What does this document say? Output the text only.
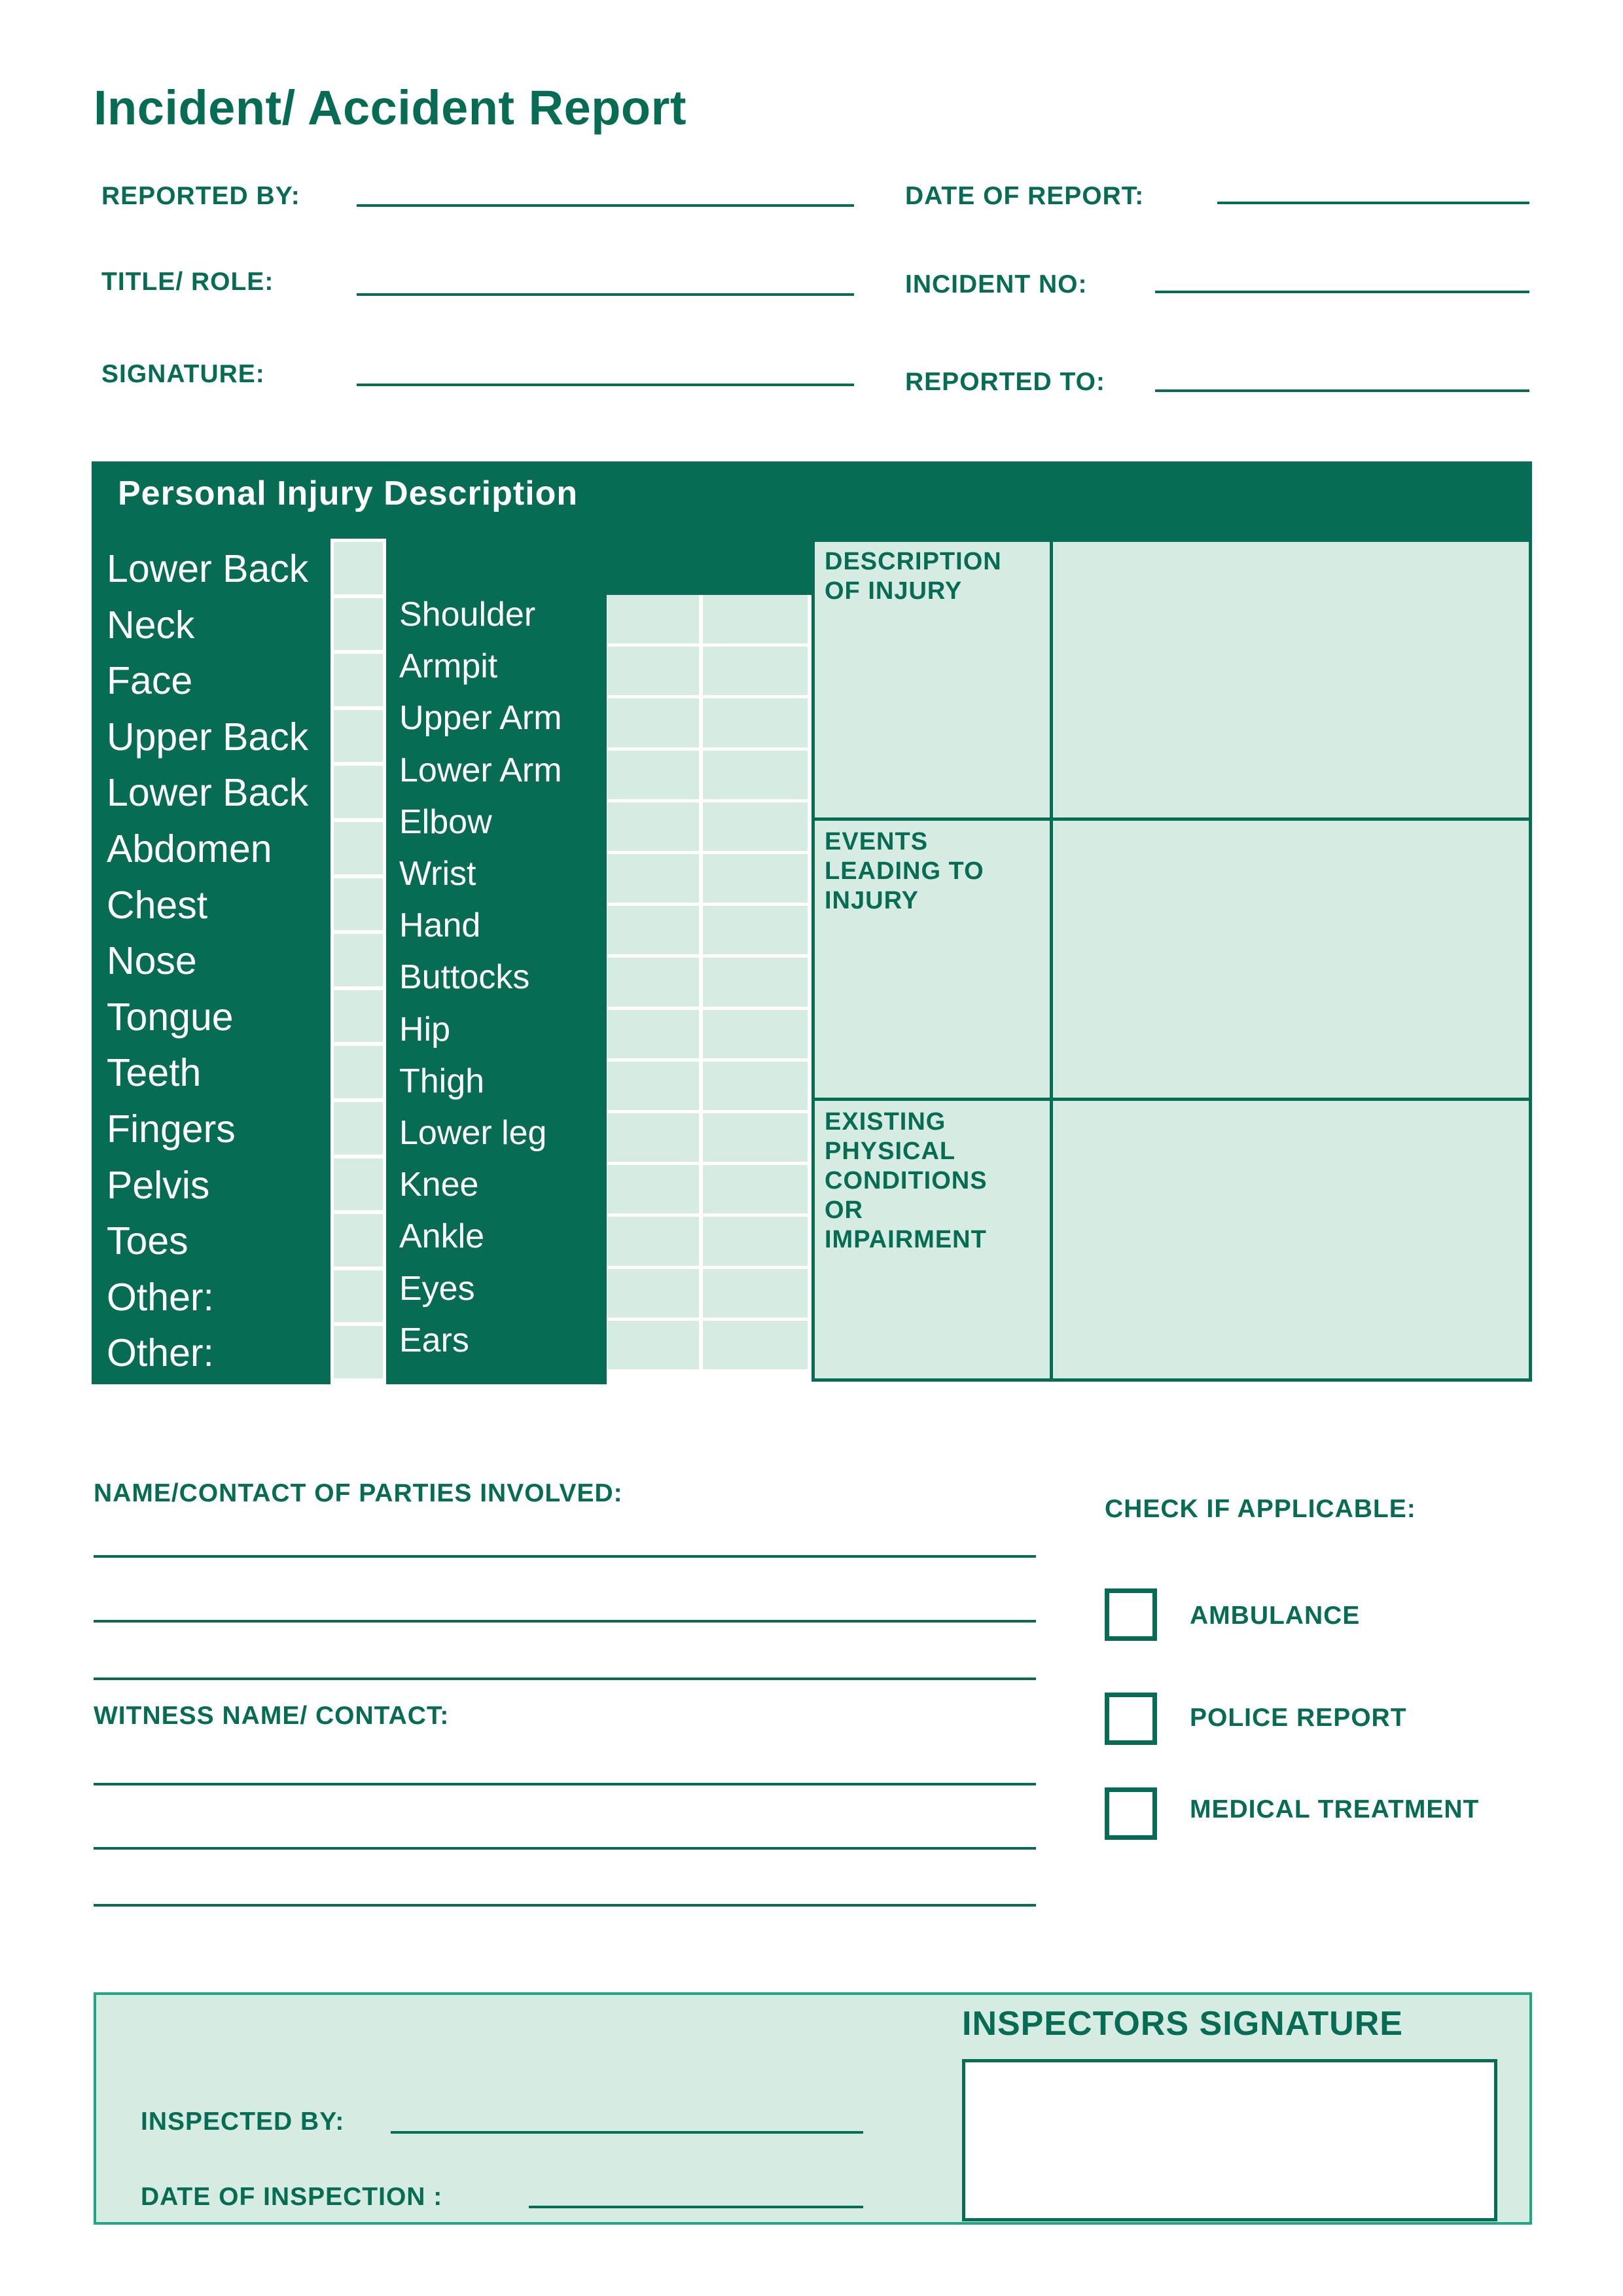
Incident/ Accident Report
REPORTED BY:
TITLE/ ROLE:
SIGNATURE:
DATE OF REPORT:
INCIDENT NO:
REPORTED TO:
Personal Injury Description
Lower Back
Neck
Face
Upper Back
Lower Back
Abdomen
Chest
Nose
Tongue
Teeth
Fingers
Pelvis
Toes
Other:
Other:
Shoulder
Armpit
Upper Arm
Lower Arm
Elbow
Wrist
Hand
Buttocks
Hip
Thigh
Lower leg
Knee
Ankle
Eyes
Ears
DESCRIPTION
OF INJURY
EVENTS
LEADING TO
INJURY
EXISTING
PHYSICAL
CONDITIONS
OR
IMPAIRMENT
NAME/CONTACT OF PARTIES INVOLVED:
WITNESS NAME/ CONTACT:
CHECK IF APPLICABLE:
AMBULANCE
POLICE REPORT
MEDICAL TREATMENT
INSPECTORS SIGNATURE
INSPECTED BY:
DATE OF INSPECTION :
